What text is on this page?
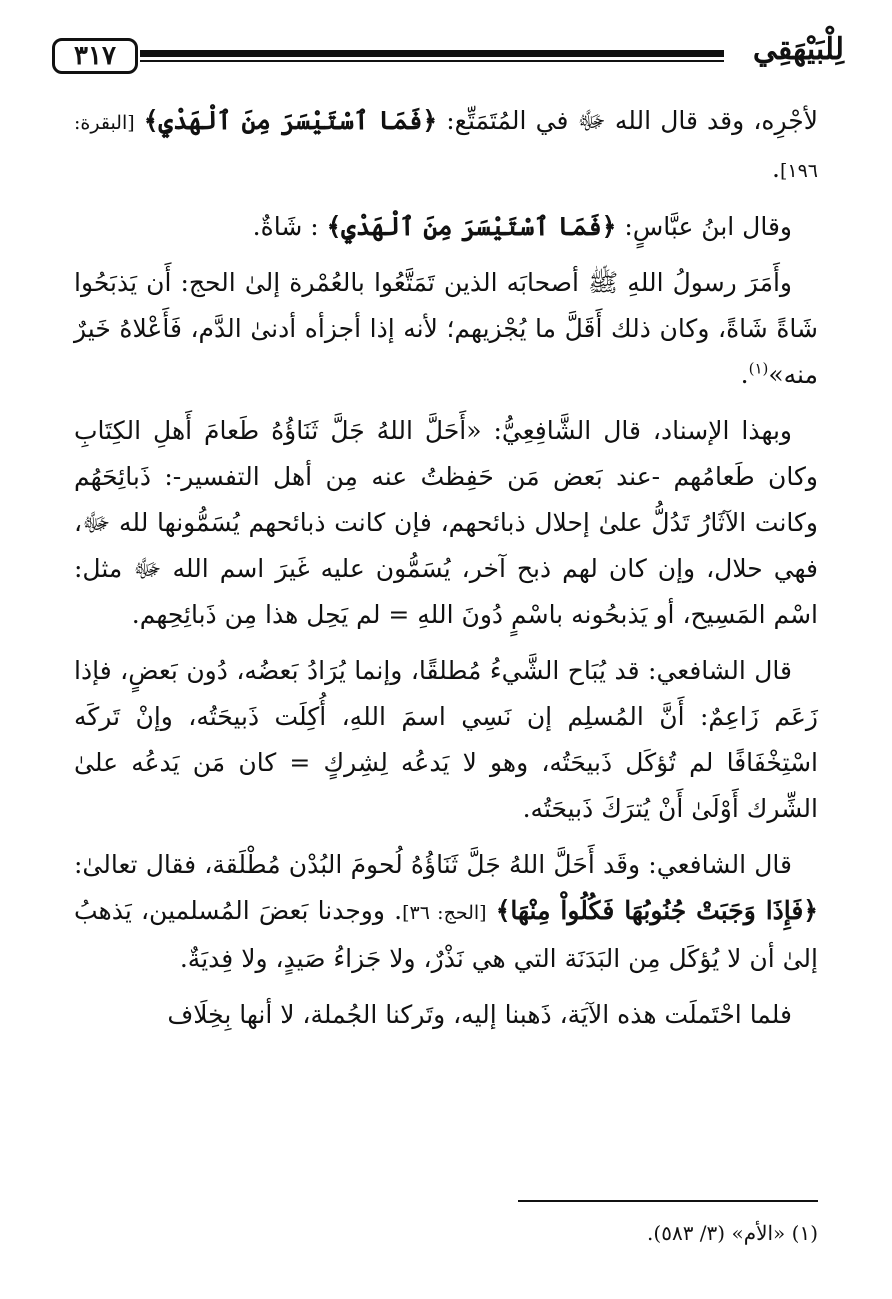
٣١٧	لِلْبَيْهَقِي

لأجْرِه، وقد قال الله ﷻ في المُتَمَتِّع: ﴿فَمَا ٱسْتَيْسَرَ مِنَ ٱلْهَدْيِ﴾ [البقرة: ١٩٦].

وقال ابنُ عبَّاسٍ: ﴿فَمَا ٱسْتَيْسَرَ مِنَ ٱلْهَدْيِ﴾ : شَاةٌ.

وأَمَرَ رسولُ اللهِ ﷺ أصحابَه الذين تَمَتَّعُوا بالعُمْرة إلىٰ الحج: أَن يَذبَحُوا شَاةً شَاةً، وكان ذلك أَقَلَّ ما يُجْزيهم؛ لأنه إذا أجزأه أدنىٰ الدَّم، فَأَعْلاهُ خَيرٌ منه»$^{(١)}$.

وبهذا الإسناد، قال الشَّافِعِيُّ: «أَحَلَّ اللهُ جَلَّ ثَنَاؤُهُ طَعامَ أَهلِ الكِتَابِ وكان طَعامُهم -عند بَعض مَن حَفِظتُ عنه مِن أهل التفسير-: ذَبائِحَهُم وكانت الآثَارُ تَدُلُّ علىٰ إحلال ذبائحهم، فإن كانت ذبائحهم يُسَمُّونها لله ﷻ، فهي حلال، وإن كان لهم ذبح آخر، يُسَمُّون عليه غَيرَ اسم الله ﷻ مثل: اسْم المَسِيح، أو يَذبحُونه باسْمٍ دُونَ اللهِ = لم يَحِل هذا مِن ذَبائِحِهم.

قال الشافعي: قد يُبَاح الشَّيءُ مُطلقًا، وإنما يُرَادُ بَعضُه، دُون بَعضٍ، فإذا زَعَم زَاعِمٌ: أَنَّ المُسلِم إن نَسِي اسمَ اللهِ، أُكِلَت ذَبيحَتُه، وإنْ تَركَه اسْتِخْفَافًا لم تُؤكَل ذَبيحَتُه، وهو لا يَدعُه لِشِركٍ = كان مَن يَدعُه علىٰ الشِّرك أَوْلَىٰ أَنْ يُترَكَ ذَبيحَتُه.

قال الشافعي: وقَد أَحَلَّ اللهُ جَلَّ ثَنَاؤُهُ لُحومَ البُدْن مُطْلَقة، فقال تعالىٰ: ﴿فَإِذَا وَجَبَتْ جُنُوبُهَا فَكُلُواْ مِنْهَا﴾ [الحج: ٣٦]. ووجدنا بَعضَ المُسلمين، يَذهبُ إلىٰ أن لا يُؤكَل مِن البَدَنَة التي هي نَذْرٌ، ولا جَزاءُ صَيدٍ، ولا فِديَةٌ.

فلما احْتَملَت هذه الآيَة، ذَهبنا إليه، وتَركنا الجُملة، لا أنها بِخِلَاف

(١) «الأم» (٣/ ٥٨٣).
